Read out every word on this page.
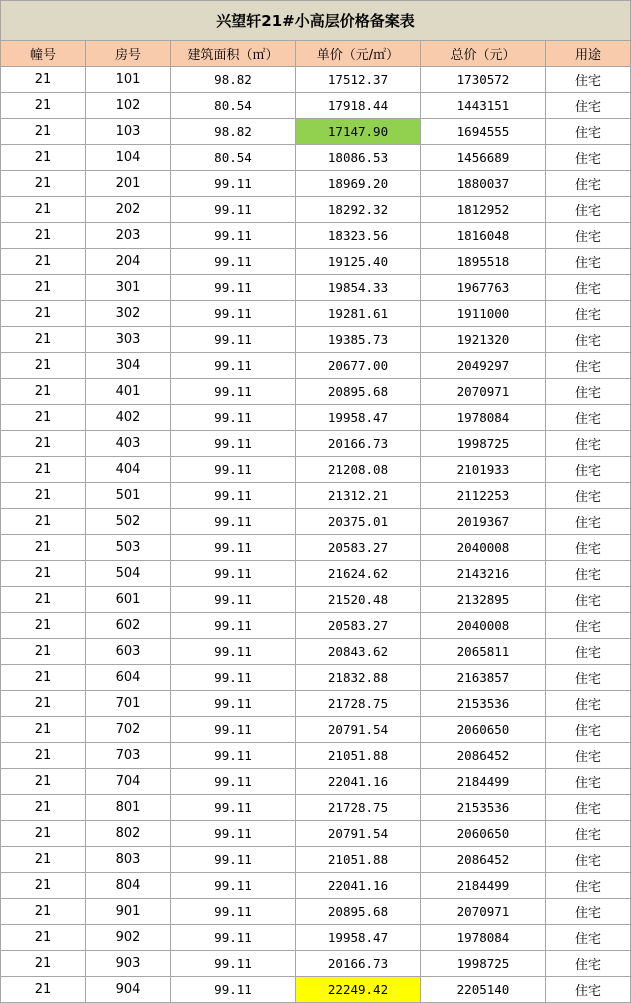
兴望轩21#小高层价格备案表					
幢号	房号	建筑面积（㎡）	单价（元/㎡）	总价（元）	用途
21	101	98.82	17512.37	1730572	住宅
21	102	80.54	17918.44	1443151	住宅
21	103	98.82	17147.90	1694555	住宅
21	104	80.54	18086.53	1456689	住宅
21	201	99.11	18969.20	1880037	住宅
21	202	99.11	18292.32	1812952	住宅
21	203	99.11	18323.56	1816048	住宅
21	204	99.11	19125.40	1895518	住宅
21	301	99.11	19854.33	1967763	住宅
21	302	99.11	19281.61	1911000	住宅
21	303	99.11	19385.73	1921320	住宅
21	304	99.11	20677.00	2049297	住宅
21	401	99.11	20895.68	2070971	住宅
21	402	99.11	19958.47	1978084	住宅
21	403	99.11	20166.73	1998725	住宅
21	404	99.11	21208.08	2101933	住宅
21	501	99.11	21312.21	2112253	住宅
21	502	99.11	20375.01	2019367	住宅
21	503	99.11	20583.27	2040008	住宅
21	504	99.11	21624.62	2143216	住宅
21	601	99.11	21520.48	2132895	住宅
21	602	99.11	20583.27	2040008	住宅
21	603	99.11	20843.62	2065811	住宅
21	604	99.11	21832.88	2163857	住宅
21	701	99.11	21728.75	2153536	住宅
21	702	99.11	20791.54	2060650	住宅
21	703	99.11	21051.88	2086452	住宅
21	704	99.11	22041.16	2184499	住宅
21	801	99.11	21728.75	2153536	住宅
21	802	99.11	20791.54	2060650	住宅
21	803	99.11	21051.88	2086452	住宅
21	804	99.11	22041.16	2184499	住宅
21	901	99.11	20895.68	2070971	住宅
21	902	99.11	19958.47	1978084	住宅
21	903	99.11	20166.73	1998725	住宅
21	904	99.11	22249.42	2205140	住宅
